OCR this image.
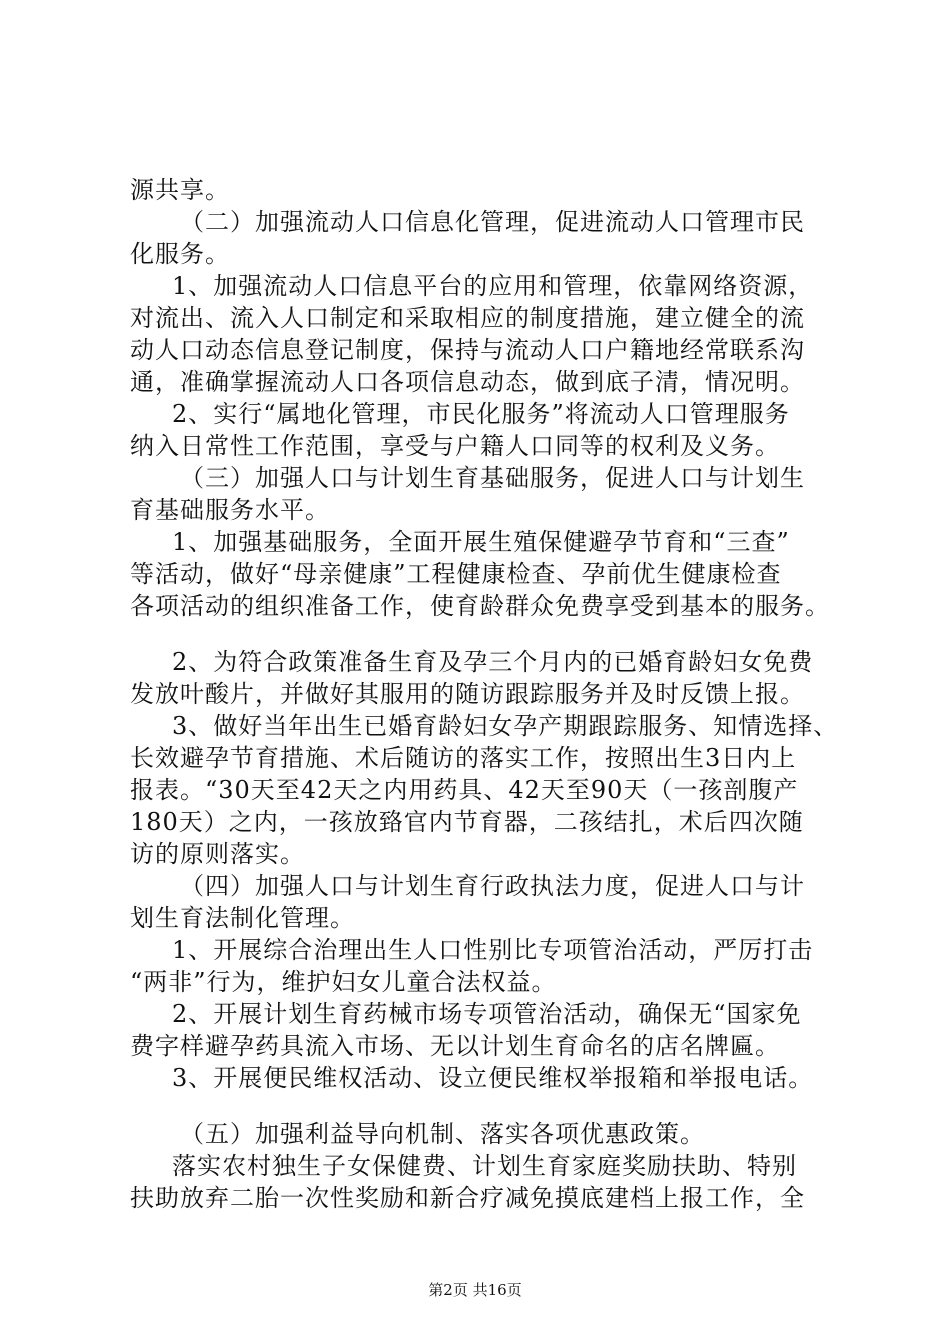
源共享。
（二）加强流动人口信息化管理，促进流动人口管理市民
化服务。
1、加强流动人口信息平台的应用和管理，依靠网络资源，
对流出、流入人口制定和采取相应的制度措施，建立健全的流
动人口动态信息登记制度，保持与流动人口户籍地经常联系沟
通，准确掌握流动人口各项信息动态，做到底子清，情况明。
2、实行“属地化管理，市民化服务”将流动人口管理服务
纳入日常性工作范围，享受与户籍人口同等的权利及义务。
（三）加强人口与计划生育基础服务，促进人口与计划生
育基础服务水平。
1、加强基础服务，全面开展生殖保健避孕节育和“三查”
等活动，做好“母亲健康”工程健康检查、孕前优生健康检查
各项活动的组织准备工作，使育龄群众免费享受到基本的服务。
2、为符合政策准备生育及孕三个月内的已婚育龄妇女免费
发放叶酸片，并做好其服用的随访跟踪服务并及时反馈上报。
3、做好当年出生已婚育龄妇女孕产期跟踪服务、知情选择、
长效避孕节育措施、术后随访的落实工作，按照出生3日内上
报表。“30天至42天之内用药具、42天至90天（一孩剖腹产
180天）之内，一孩放臵官内节育器，二孩结扎，术后四次随
访的原则落实。
（四）加强人口与计划生育行政执法力度，促进人口与计
划生育法制化管理。
1、开展综合治理出生人口性别比专项管治活动，严厉打击
“两非”行为，维护妇女儿童合法权益。
2、开展计划生育药械市场专项管治活动，确保无“国家免
费字样避孕药具流入市场、无以计划生育命名的店名牌匾。
3、开展便民维权活动、设立便民维权举报箱和举报电话。
（五）加强利益导向机制、落实各项优惠政策。
落实农村独生子女保健费、计划生育家庭奖励扶助、特别
扶助放弃二胎一次性奖励和新合疗减免摸底建档上报工作，全
第2页 共16页
